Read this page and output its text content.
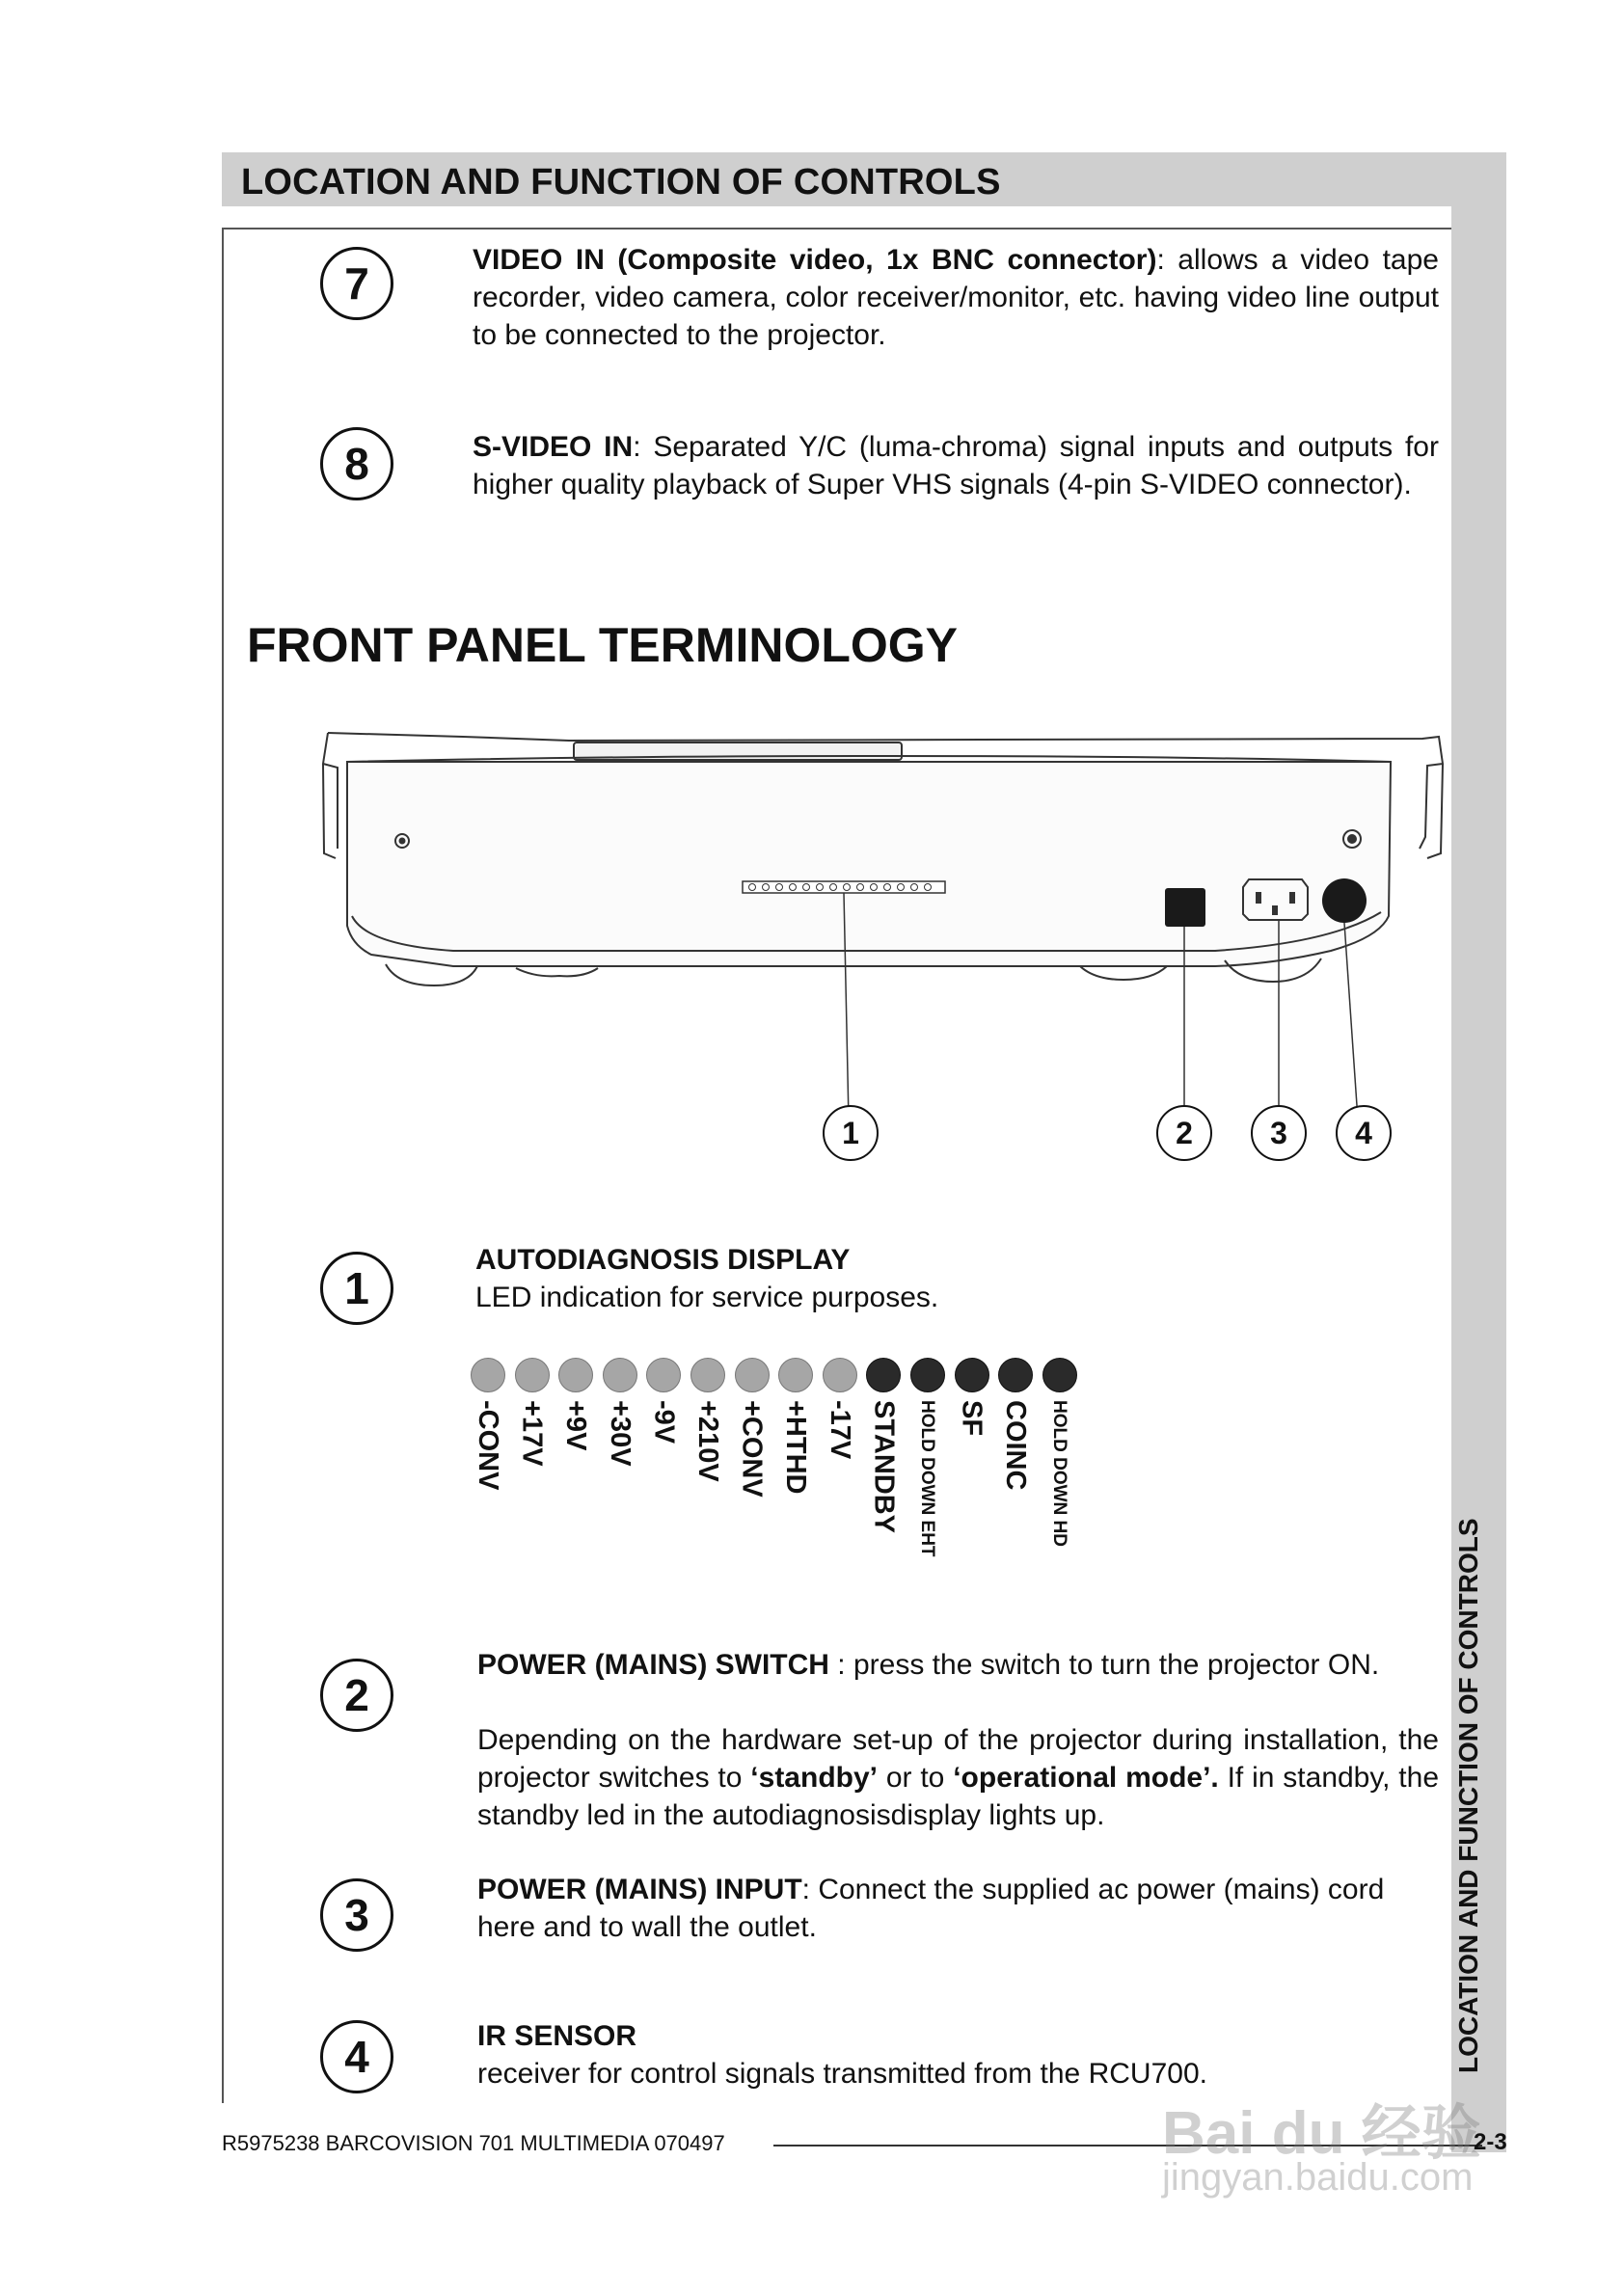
LOCATION AND FUNCTION OF CONTROLS
LOCATION AND FUNCTION OF CONTROLS
7	VIDEO IN (Composite video, 1x BNC connector): allows a video tape recorder, video camera, color receiver/monitor, etc. having video line output to be connected to the projector.
8	S-VIDEO IN: Separated Y/C (luma-chroma) signal inputs and outputs for higher quality playback of Super VHS signals (4-pin S-VIDEO connector).
FRONT PANEL TERMINOLOGY
1	2	3	4
1
AUTODIAGNOSIS DISPLAY
LED indication for service purposes.
-CONV +17V +9V +30V -9V +210V +CONV +HTHD -17V STANDBY HOLD DOWN EHT SF COINC HOLD DOWN HD
2
POWER (MAINS) SWITCH : press the switch to turn the projector ON.
Depending on the hardware set-up of the projector during installation, the projector switches to ‘standby’ or to ‘operational mode’. If in standby, the standby led in the autodiagnosisdisplay lights up.
3
POWER (MAINS) INPUT: Connect the supplied ac power (mains) cord here and to wall the outlet.
4	IR SENSOR
receiver for control signals transmitted from the RCU700.
R5975238 BARCOVISION 701 MULTIMEDIA 070497	2-3
Bai du 经验
jingyan.baidu.com
